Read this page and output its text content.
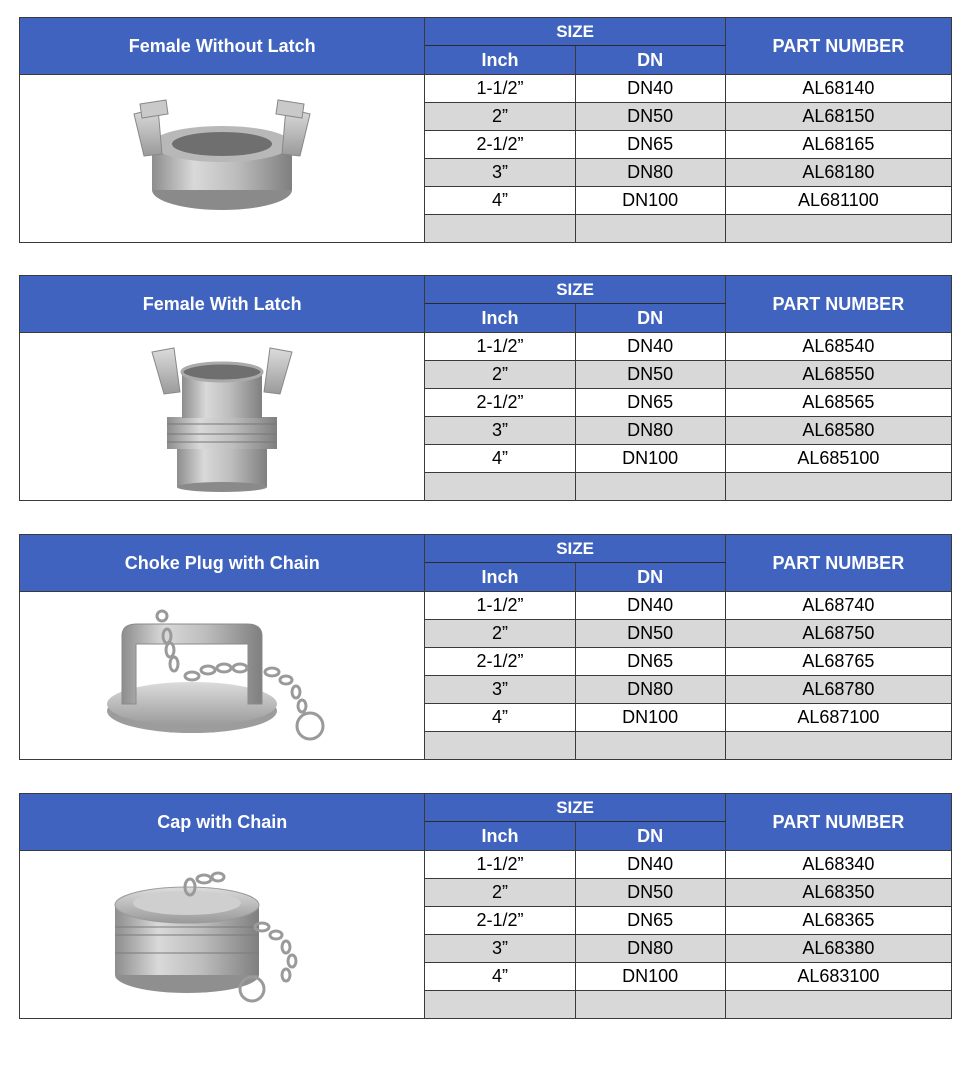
Female Without Latch	SIZE		PART NUMBER
	Inch	DN	

	1-1/2”	DN40	AL68140
	2”	DN50	AL68150
	2-1/2”	DN65	AL68165
	3”	DN80	AL68180
	4”	DN100	AL681100

Female With Latch	SIZE		PART NUMBER
	Inch	DN	

	1-1/2”	DN40	AL68540
	2”	DN50	AL68550
	2-1/2”	DN65	AL68565
	3”	DN80	AL68580
	4”	DN100	AL685100

Choke Plug with Chain	SIZE		PART NUMBER
	Inch	DN	

	1-1/2”	DN40	AL68740
	2”	DN50	AL68750
	2-1/2”	DN65	AL68765
	3”	DN80	AL68780
	4”	DN100	AL687100

Cap with Chain	SIZE		PART NUMBER
	Inch	DN	

	1-1/2”	DN40	AL68340
	2”	DN50	AL68350
	2-1/2”	DN65	AL68365
	3”	DN80	AL68380
	4”	DN100	AL683100
